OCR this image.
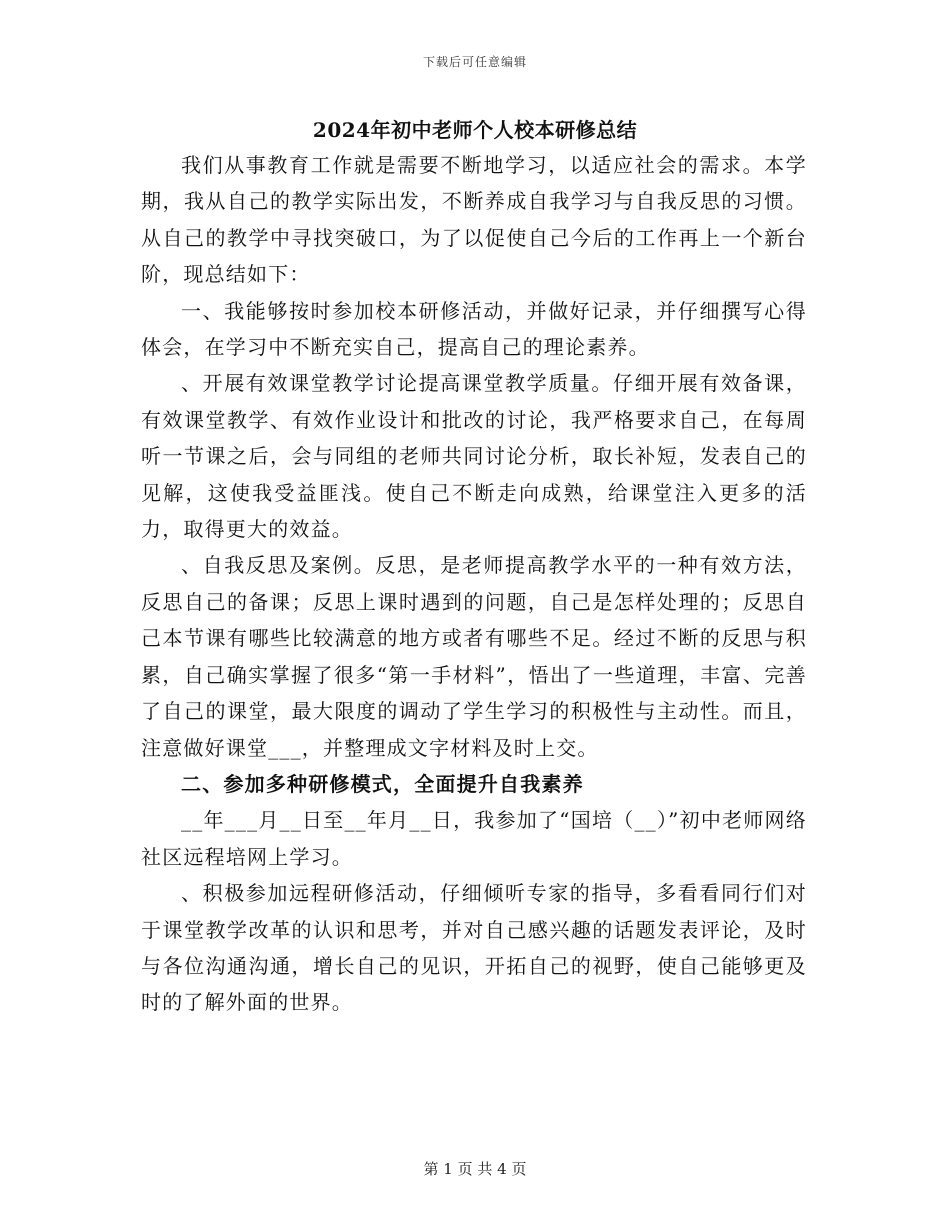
下载后可任意编辑
2024年初中老师个人校本研修总结

我们从事教育工作就是需要不断地学习，以适应社会的需求。本学期，我从自己的教学实际出发，不断养成自我学习与自我反思的习惯。从自己的教学中寻找突破口，为了以促使自己今后的工作再上一个新台阶，现总结如下：

一、我能够按时参加校本研修活动，并做好记录，并仔细撰写心得体会，在学习中不断充实自己，提高自己的理论素养。

、开展有效课堂教学讨论提高课堂教学质量。仔细开展有效备课，有效课堂教学、有效作业设计和批改的讨论，我严格要求自己，在每周听一节课之后，会与同组的老师共同讨论分析，取长补短，发表自己的见解，这使我受益匪浅。使自己不断走向成熟，给课堂注入更多的活力，取得更大的效益。

、自我反思及案例。反思，是老师提高教学水平的一种有效方法，反思自己的备课；反思上课时遇到的问题，自己是怎样处理的；反思自己本节课有哪些比较满意的地方或者有哪些不足。经过不断的反思与积累，自己确实掌握了很多“第一手材料”，悟出了一些道理，丰富、完善了自己的课堂，最大限度的调动了学生学习的积极性与主动性。而且，注意做好课堂___，并整理成文字材料及时上交。

二、参加多种研修模式，全面提升自我素养

__年___月__日至__年月__日，我参加了“国培（__）”初中老师网络社区远程培网上学习。

、积极参加远程研修活动，仔细倾听专家的指导，多看看同行们对于课堂教学改革的认识和思考，并对自己感兴趣的话题发表评论，及时与各位沟通沟通，增长自己的见识，开拓自己的视野，使自己能够更及时的了解外面的世界。

第 1 页 共 4 页
